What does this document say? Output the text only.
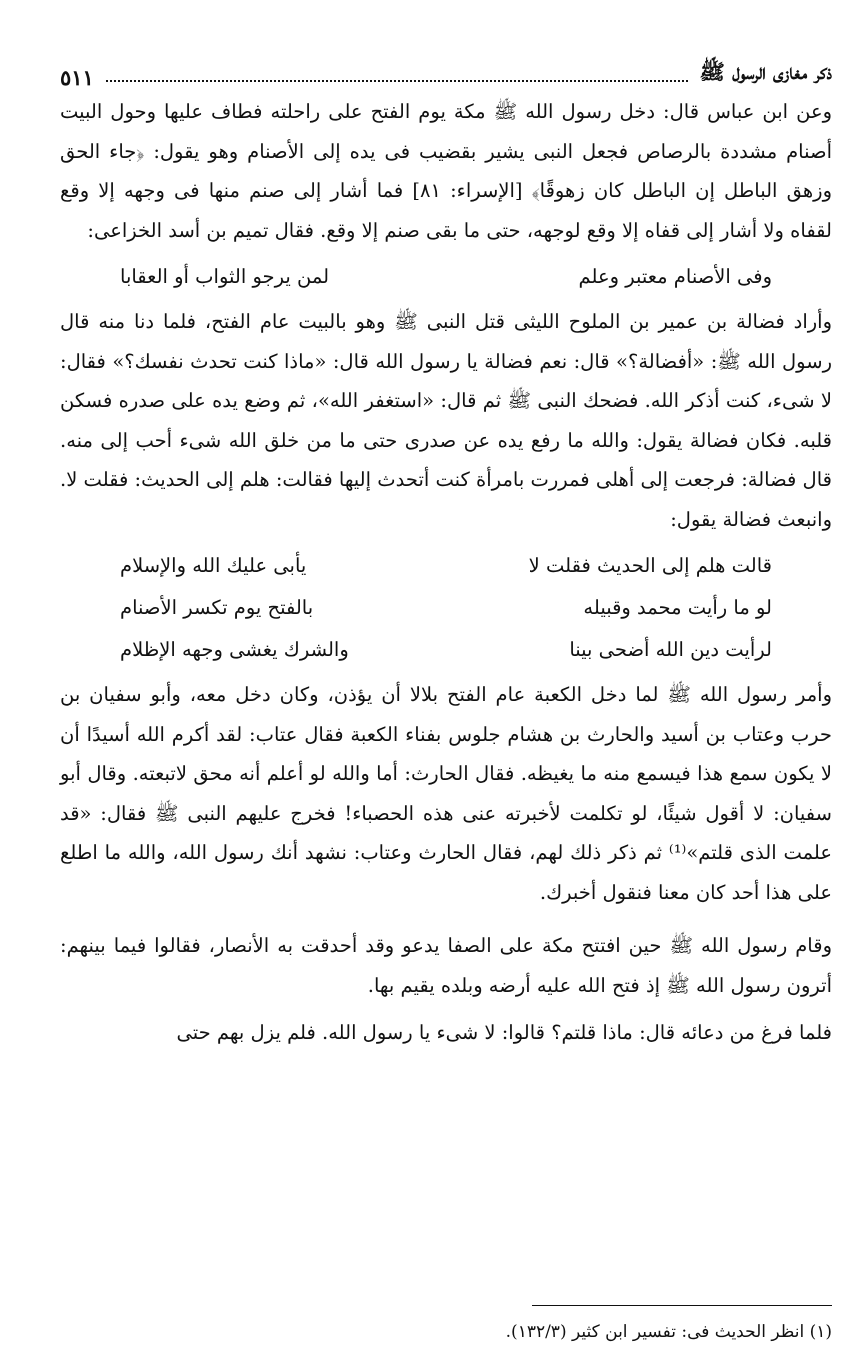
ذكر مغازى الرسول ﷺ
٥١١

وعن ابن عباس قال: دخل رسول الله ﷺ مكة يوم الفتح على راحلته فطاف عليها وحول البيت أصنام مشددة بالرصاص فجعل النبى يشير بقضيب فى يده إلى الأصنام وهو يقول: ﴿جاء الحق وزهق الباطل إن الباطل كان زهوقًا﴾ [الإسراء: ٨١] فما أشار إلى صنم منها فى وجهه إلا وقع لقفاه ولا أشار إلى قفاه إلا وقع لوجهه، حتى ما بقى صنم إلا وقع. فقال تميم بن أسد الخزاعى:

وفى الأصنام معتبر وعلم
لمن يرجو الثواب أو العقابا

وأراد فضالة بن عمير بن الملوح الليثى قتل النبى ﷺ وهو بالبيت عام الفتح، فلما دنا منه قال رسول الله ﷺ: «أفضالة؟» قال: نعم فضالة يا رسول الله قال: «ماذا كنت تحدث نفسك؟» فقال: لا شىء، كنت أذكر الله. فضحك النبى ﷺ ثم قال: «استغفر الله»، ثم وضع يده على صدره فسكن قلبه. فكان فضالة يقول: والله ما رفع يده عن صدرى حتى ما من خلق الله شىء أحب إلى منه. قال فضالة: فرجعت إلى أهلى فمررت بامرأة كنت أتحدث إليها فقالت: هلم إلى الحديث: فقلت لا. وانبعث فضالة يقول:

قالت هلم إلى الحديث فقلت لا
يأبى عليك الله والإسلام
لو ما رأيت محمد وقبيله
بالفتح يوم تكسر الأصنام
لرأيت دين الله أضحى بينا
والشرك يغشى وجهه الإظلام

وأمر رسول الله ﷺ لما دخل الكعبة عام الفتح بلالا أن يؤذن، وكان دخل معه، وأبو سفيان بن حرب وعتاب بن أسيد والحارث بن هشام جلوس بفناء الكعبة فقال عتاب: لقد أكرم الله أسيدًا أن لا يكون سمع هذا فيسمع منه ما يغيظه. فقال الحارث: أما والله لو أعلم أنه محق لاتبعته. وقال أبو سفيان: لا أقول شيئًا، لو تكلمت لأخبرته عنى هذه الحصباء! فخرج عليهم النبى ﷺ فقال: «قد علمت الذى قلتم»⁽¹⁾ ثم ذكر ذلك لهم، فقال الحارث وعتاب: نشهد أنك رسول الله، والله ما اطلع على هذا أحد كان معنا فنقول أخبرك.

وقام رسول الله ﷺ حين افتتح مكة على الصفا يدعو وقد أحدقت به الأنصار، فقالوا فيما بينهم: أترون رسول الله ﷺ إذ فتح الله عليه أرضه وبلده يقيم بها.

فلما فرغ من دعائه قال: ماذا قلتم؟ قالوا: لا شىء يا رسول الله. فلم يزل بهم حتى

(١) انظر الحديث فى: تفسير ابن كثير (١٣٢/٣).
